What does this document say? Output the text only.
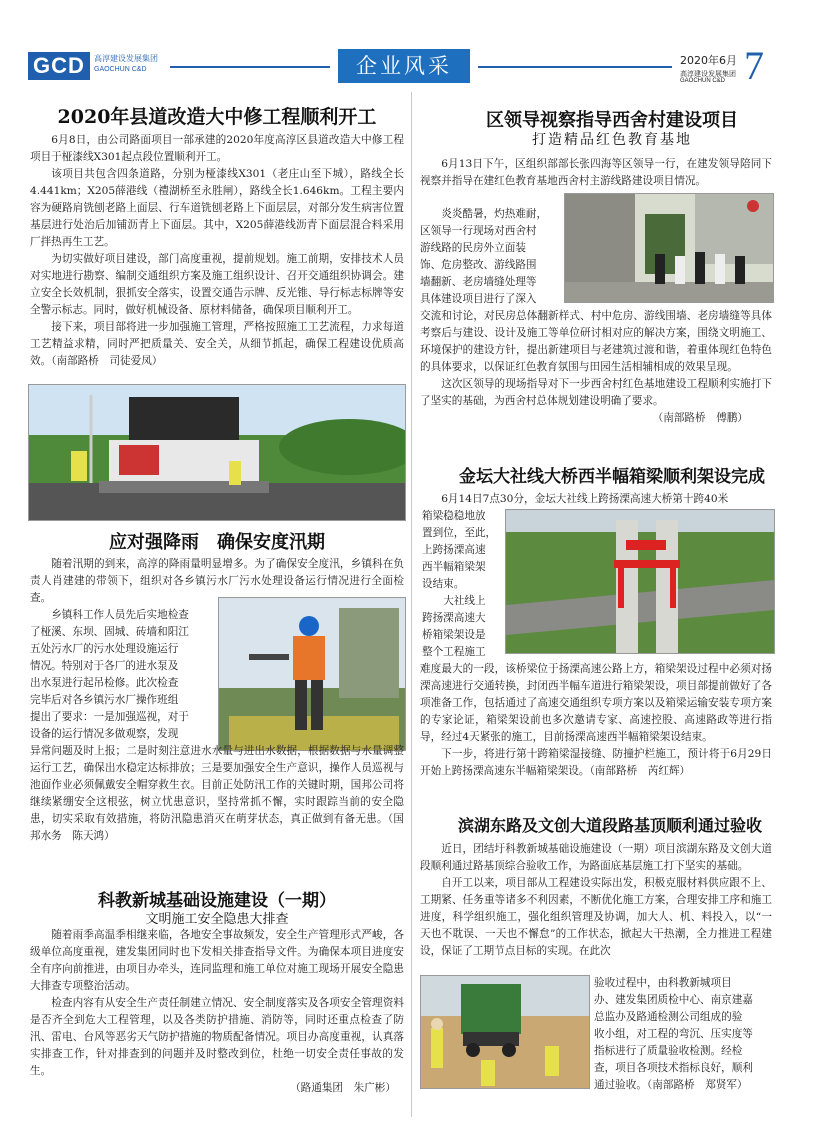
GCD	高淳建设发展集团
GAOCHUN C&D	企业风采	2020年6月
高淳建设发展集团
GAOCHUN C&D 7
2020年县道改造大中修工程顺利开工
6月8日，由公司路面项目一部承建的2020年度高淳区县道改造大中修工程项目于桠漆线X301起点段位置顺利开工。
该项目共包含四条道路，分别为桠漆线X301（老庄山至下城），路线全长4.441km；X205薛港线（禮湖桥至永胜闸），路线全长1.646km。工程主要内容为硬路肩铣刨老路上面层、行车道铣刨老路上下面层层，对部分发生病害位置基层进行处治后加铺沥青上下面层。其中，X205薛港线沥青下面层混合料采用厂拌热再生工艺。
为切实做好项目建设，部门高度重视，提前规划。施工前期，安排技术人员对实地进行勘察、编制交通组织方案及施工组织设计、召开交通组织协调会。建立安全长效机制，狠抓安全落实，设置交通告示牌、反光锥、导行标志标牌等安全警示标志。同时，做好机械设备、原材料储备，确保项目顺利开工。
接下来，项目部将进一步加强施工管理，严格按照施工工艺流程，力求每道工艺精益求精，同时严把质量关、安全关，从细节抓起，确保工程建设优质高效。（南部路桥　司徒爱凤）
应对强降雨　确保安度汛期
随着汛期的到来，高淳的降雨量明显增多。为了确保安全度汛，乡镇科在负责人肖建建的带领下，组织对各乡镇污水厂污水处理设备运行情况进行全面检查。
乡镇科工作人员先后实地检查
了桠溪、东坝、固城、砖墙和阳江
五处污水厂的污水处理设施运行
情况。特别对于各厂的进水泵及
出水泵进行起吊检修。此次检查
完毕后对各乡镇污水厂操作班组
提出了要求：一是加强巡视，对于
设备的运行情况多做观察，发现
异常问题及时上报；二是时刻注意进水水量与进出水数据，根据数据与水量调整运行工艺，确保出水稳定达标排放；三是要加强安全生产意识，操作人员巡视与池面作业必须佩戴安全帽穿救生衣。目前正处防汛工作的关键时期，国邦公司将继续紧绷安全这根弦，树立忧患意识，坚持常抓不懈，实时跟踪当前的安全隐患，切实采取有效措施，将防汛隐患消灭在萌芽状态，真正做到有备无患。（国邦水务　陈天鸿）
科教新城基础设施建设（一期）
文明施工安全隐患大排查
随着雨季高温季相继来临，各地安全事故频发，安全生产管理形式严峻，各级单位高度重视，建发集团同时也下发相关排查指导文件。为确保本项目进度安全有序向前推进，由项目办牵头，连同监理和施工单位对施工现场开展安全隐患大排查专项整治活动。
检查内容有从安全生产责任制建立情况、安全制度落实及各项安全管理资料是否齐全到危大工程管理，以及各类防护措施、消防等，同时还重点检查了防汛、雷电、台风等恶劣天气防护措施的物质配备情况。项目办高度重视，认真落实排查工作，针对排查到的问题并及时整改到位，杜绝一切安全责任事故的发生。
（路通集团　朱广彬）
区领导视察指导西舍村建设项目
打造精品红色教育基地
6月13日下午，区组织部部长张四海等区领导一行，在建发领导陪同下视察并指导在建红色教育基地西舍村主游线路建设项目情况。
炎炎酷暑，灼热难耐，
区领导一行现场对西舍村
游线路的民房外立面装
饰、危房整改、游线路围
墙翻新、老房墙缝处理等
具体建设项目进行了深入
交流和讨论，对民房总体翻新样式、村中危房、游线围墙、老房墙缝等具体考察后与建设、设计及施工等单位研讨相对应的解决方案，围绕文明施工、环境保护的建设方针，提出新建项目与老建筑过渡和谐，着重体现红色特色的具体要求，以保证红色教育氛围与田园生活相辅相成的效果呈现。
这次区领导的现场指导对下一步西舍村红色基地建设工程顺利实施打下了坚实的基础，为西舍村总体规划建设明确了要求。
（南部路桥　傅鹏）
金坛大社线大桥西半幅箱梁顺利架设完成
6月14日7点30分，金坛大社线上跨扬溧高速大桥第十跨40米
箱梁稳稳地放
置到位，至此，
上跨扬溧高速
西半幅箱梁架
设结束。
大社线上
跨扬溧高速大
桥箱梁架设是
整个工程施工
难度最大的一段，该桥梁位于扬溧高速公路上方，箱梁架设过程中必须对扬溧高速进行交通转换，封闭西半幅车道进行箱梁架设，项目部提前做好了各项准备工作，包括通过了高速交通组织专项方案以及箱梁运输安装专项方案的专家论证，箱梁架设前也多次邀请专家、高速控股、高速路政等进行指导，经过4天紧张的施工，目前扬溧高速西半幅箱梁架设结束。
下一步，将进行第十跨箱梁湿接缝、防撞护栏施工，预计将于6月29日开始上跨扬溧高速东半幅箱梁架设。（南部路桥　芮红辉）
滨湖东路及文创大道段路基顶顺利通过验收
近日，团结圩科教新城基础设施建设（一期）项目滨湖东路及文创大道段顺利通过路基顶综合验收工作，为路面底基层施工打下坚实的基础。
自开工以来，项目部从工程建设实际出发，积极克服材料供应跟不上、工期紧、任务重等诸多不利因素，不断优化施工方案，合理安排工序和施工进度，科学组织施工，强化组织管理及协调，加大人、机、料投入，以“一天也不耽误、一天也不懈怠”的工作状态，掀起大干热潮，全力推进工程建设，保证了工期节点目标的实现。在此次
验收过程中，由科教新城项目
办、建发集团质检中心、南京建嘉
总监办及路通检测公司组成的验
收小组，对工程的弯沉、压实度等
指标进行了质量验收检测。经检
查，项目各项技术指标良好，顺利
通过验收。（南部路桥　郑贤军）
